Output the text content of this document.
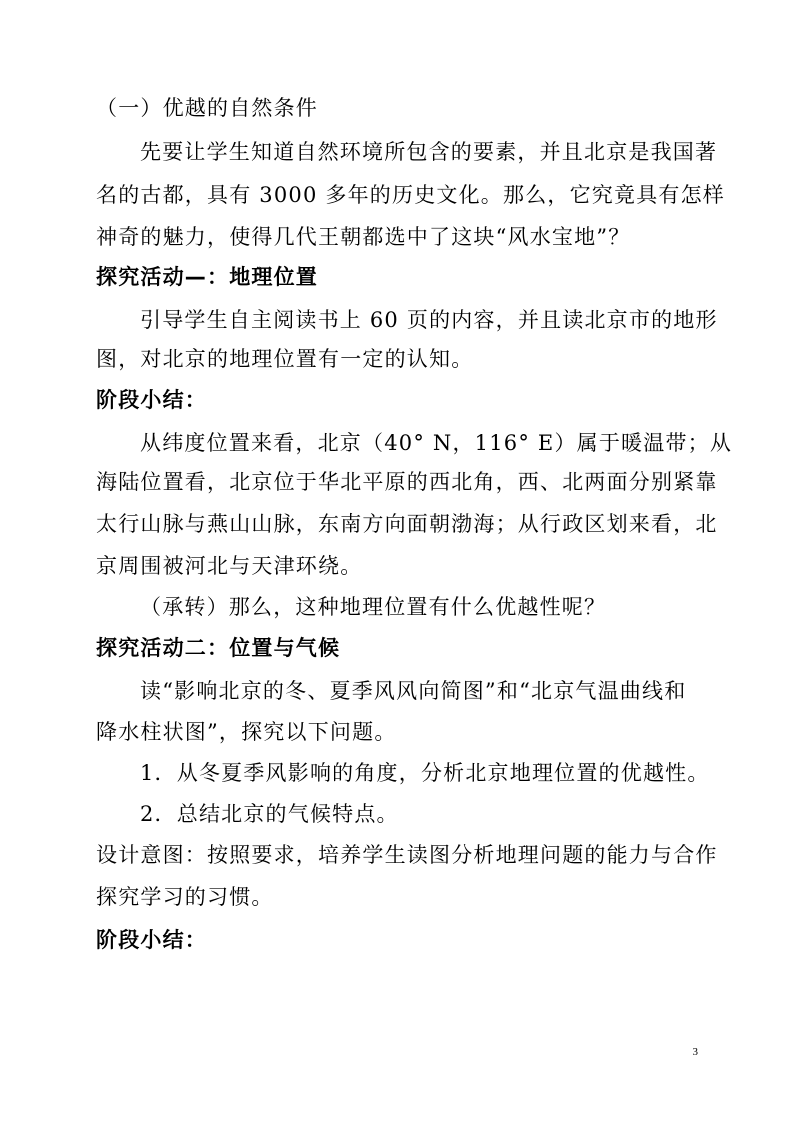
（一）优越的自然条件
先要让学生知道自然环境所包含的要素，并且北京是我国著
名的古都，具有 3000 多年的历史文化。那么，它究竟具有怎样
神奇的魅力，使得几代王朝都选中了这块“风水宝地”？
探究活动—：地理位置
引导学生自主阅读书上 60 页的内容，并且读北京市的地形
图，对北京的地理位置有一定的认知。
阶段小结：
从纬度位置来看，北京（40° N，116° E）属于暖温带；从
海陆位置看，北京位于华北平原的西北角，西、北两面分别紧靠
太行山脉与燕山山脉，东南方向面朝渤海；从行政区划来看，北
京周围被河北与天津环绕。
（承转）那么，这种地理位置有什么优越性呢？
探究活动二：位置与气候
读“影响北京的冬、夏季风风向简图”和“北京气温曲线和
降水柱状图”，探究以下问题。
1．从冬夏季风影响的角度，分析北京地理位置的优越性。
2．总结北京的气候特点。
设计意图：按照要求，培养学生读图分析地理问题的能力与合作
探究学习的习惯。
阶段小结：
3
